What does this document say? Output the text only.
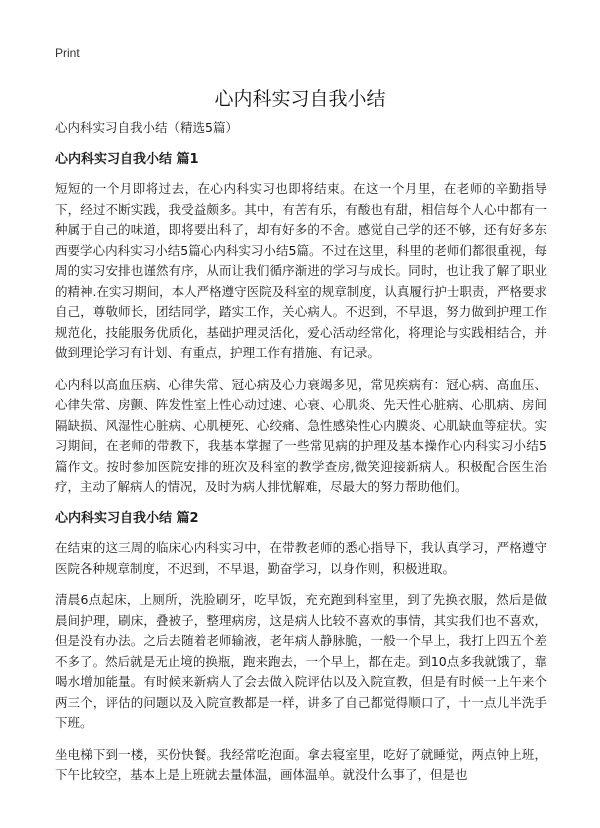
Print
心内科实习自我小结

心内科实习自我小结（精选5篇）

心内科实习自我小结 篇1

短短的一个月即将过去，在心内科实习也即将结束。在这一个月里，在老师的辛勤指导下，经过不断实践，我受益颇多。其中，有苦有乐，有酸也有甜，相信每个人心中都有一种属于自己的味道，即将要出科了，却有好多的不舍。感觉自己学的还不够，还有好多东西要学心内科实习小结5篇心内科实习小结5篇。不过在这里，科里的老师们都很重视，每周的实习安排也谨然有序，从而让我们循序渐进的学习与成长。同时，也让我了解了职业的精神.在实习期间，本人严格遵守医院及科室的规章制度，认真履行护士职责，严格要求自己，尊敬师长，团结同学，踏实工作，关心病人。不迟到，不早退，努力做到护理工作规范化，技能服务优质化，基础护理灵活化，爱心活动经常化，将理论与实践相结合，并做到理论学习有计划、有重点，护理工作有措施、有记录。

心内科以高血压病、心律失常、冠心病及心力衰竭多见，常见疾病有：冠心病、高血压、心律失常、房颤、阵发性室上性心动过速、心衰、心肌炎、先天性心脏病、心肌病、房间隔缺损、风湿性心脏病、心肌梗死、心绞痛、急性感染性心内膜炎、心肌缺血等症状。实习期间，在老师的带教下，我基本掌握了一些常见病的护理及基本操作心内科实习小结5篇作文。按时参加医院安排的班次及科室的教学查房,微笑迎接新病人。积极配合医生治疗，主动了解病人的情况，及时为病人排忧解难，尽最大的努力帮助他们。

心内科实习自我小结 篇2

在结束的这三周的临床心内科实习中，在带教老师的悉心指导下，我认真学习，严格遵守医院各种规章制度，不迟到，不早退，勤奋学习，以身作则，积极进取。

清晨6点起床，上厕所，洗脸刷牙，吃早饭，充充跑到科室里，到了先换衣服，然后是做晨间护理，刷床，叠被子，整理病房，这是病人比较不喜欢的事情，其实我们也不喜欢，但是没有办法。之后去随着老师输液，老年病人静脉脆，一般一个早上，我打上四五个差不多了。然后就是无止境的换瓶，跑来跑去，一个早上，都在走。到10点多我就饿了，靠喝水增加能量。有时候来新病人了会去做入院评估以及入院宣教，但是有时候一上午来个两三个，评估的问题以及入院宣教都是一样，讲多了自己都觉得顺口了，十一点儿半洗手下班。

坐电梯下到一楼，买份快餐。我经常吃泡面。拿去寝室里，吃好了就睡觉，两点钟上班，下午比较空，基本上是上班就去量体温，画体温单。就没什么事了，但是也
